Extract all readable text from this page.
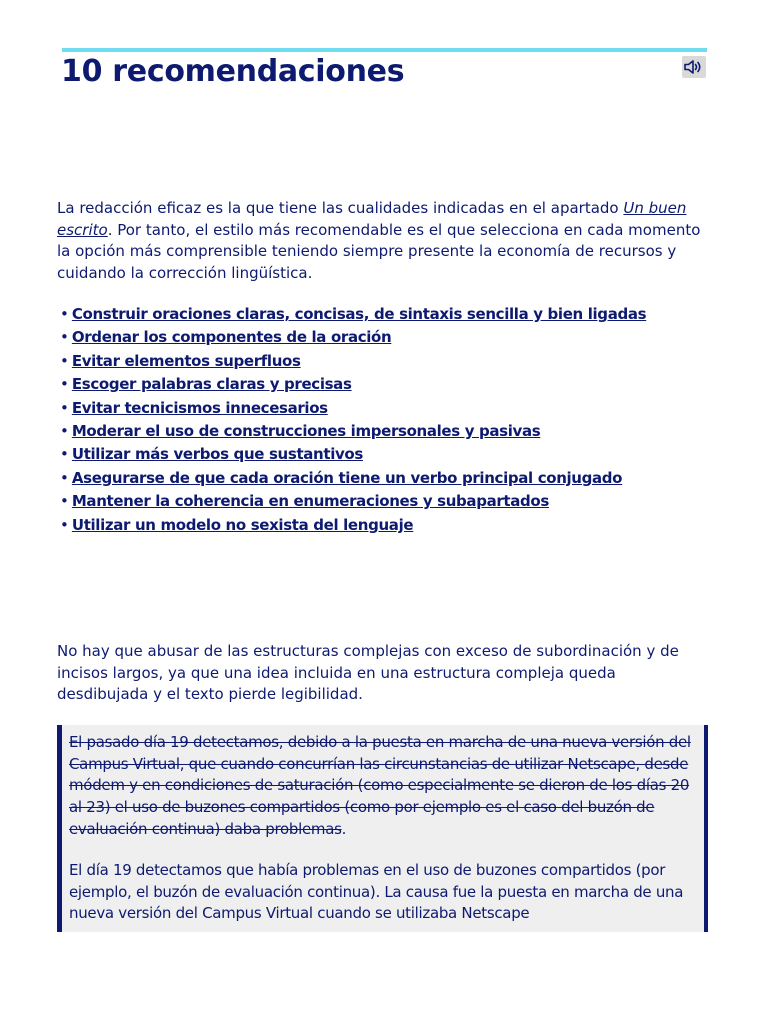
10 recomendaciones

La redacción eficaz es la que tiene las cualidades indicadas en el apartado Un buen escrito. Por tanto, el estilo más recomendable es el que selecciona en cada momento la opción más comprensible teniendo siempre presente la economía de recursos y cuidando la corrección lingüística.

• Construir oraciones claras, concisas, de sintaxis sencilla y bien ligadas
• Ordenar los componentes de la oración
• Evitar elementos superfluos
• Escoger palabras claras y precisas
• Evitar tecnicismos innecesarios
• Moderar el uso de construcciones impersonales y pasivas
• Utilizar más verbos que sustantivos
• Asegurarse de que cada oración tiene un verbo principal conjugado
• Mantener la coherencia en enumeraciones y subapartados
• Utilizar un modelo no sexista del lenguaje

No hay que abusar de las estructuras complejas con exceso de subordinación y de incisos largos, ya que una idea incluida en una estructura compleja queda desdibujada y el texto pierde legibilidad.

El pasado día 19 detectamos, debido a la puesta en marcha de una nueva versión del Campus Virtual, que cuando concurrían las circunstancias de utilizar Netscape, desde módem y en condiciones de saturación (como especialmente se dieron de los días 20 al 23) el uso de buzones compartidos (como por ejemplo es el caso del buzón de evaluación continua) daba problemas.

El día 19 detectamos que había problemas en el uso de buzones compartidos (por ejemplo, el buzón de evaluación continua). La causa fue la puesta en marcha de una nueva versión del Campus Virtual cuando se utilizaba Netscape
